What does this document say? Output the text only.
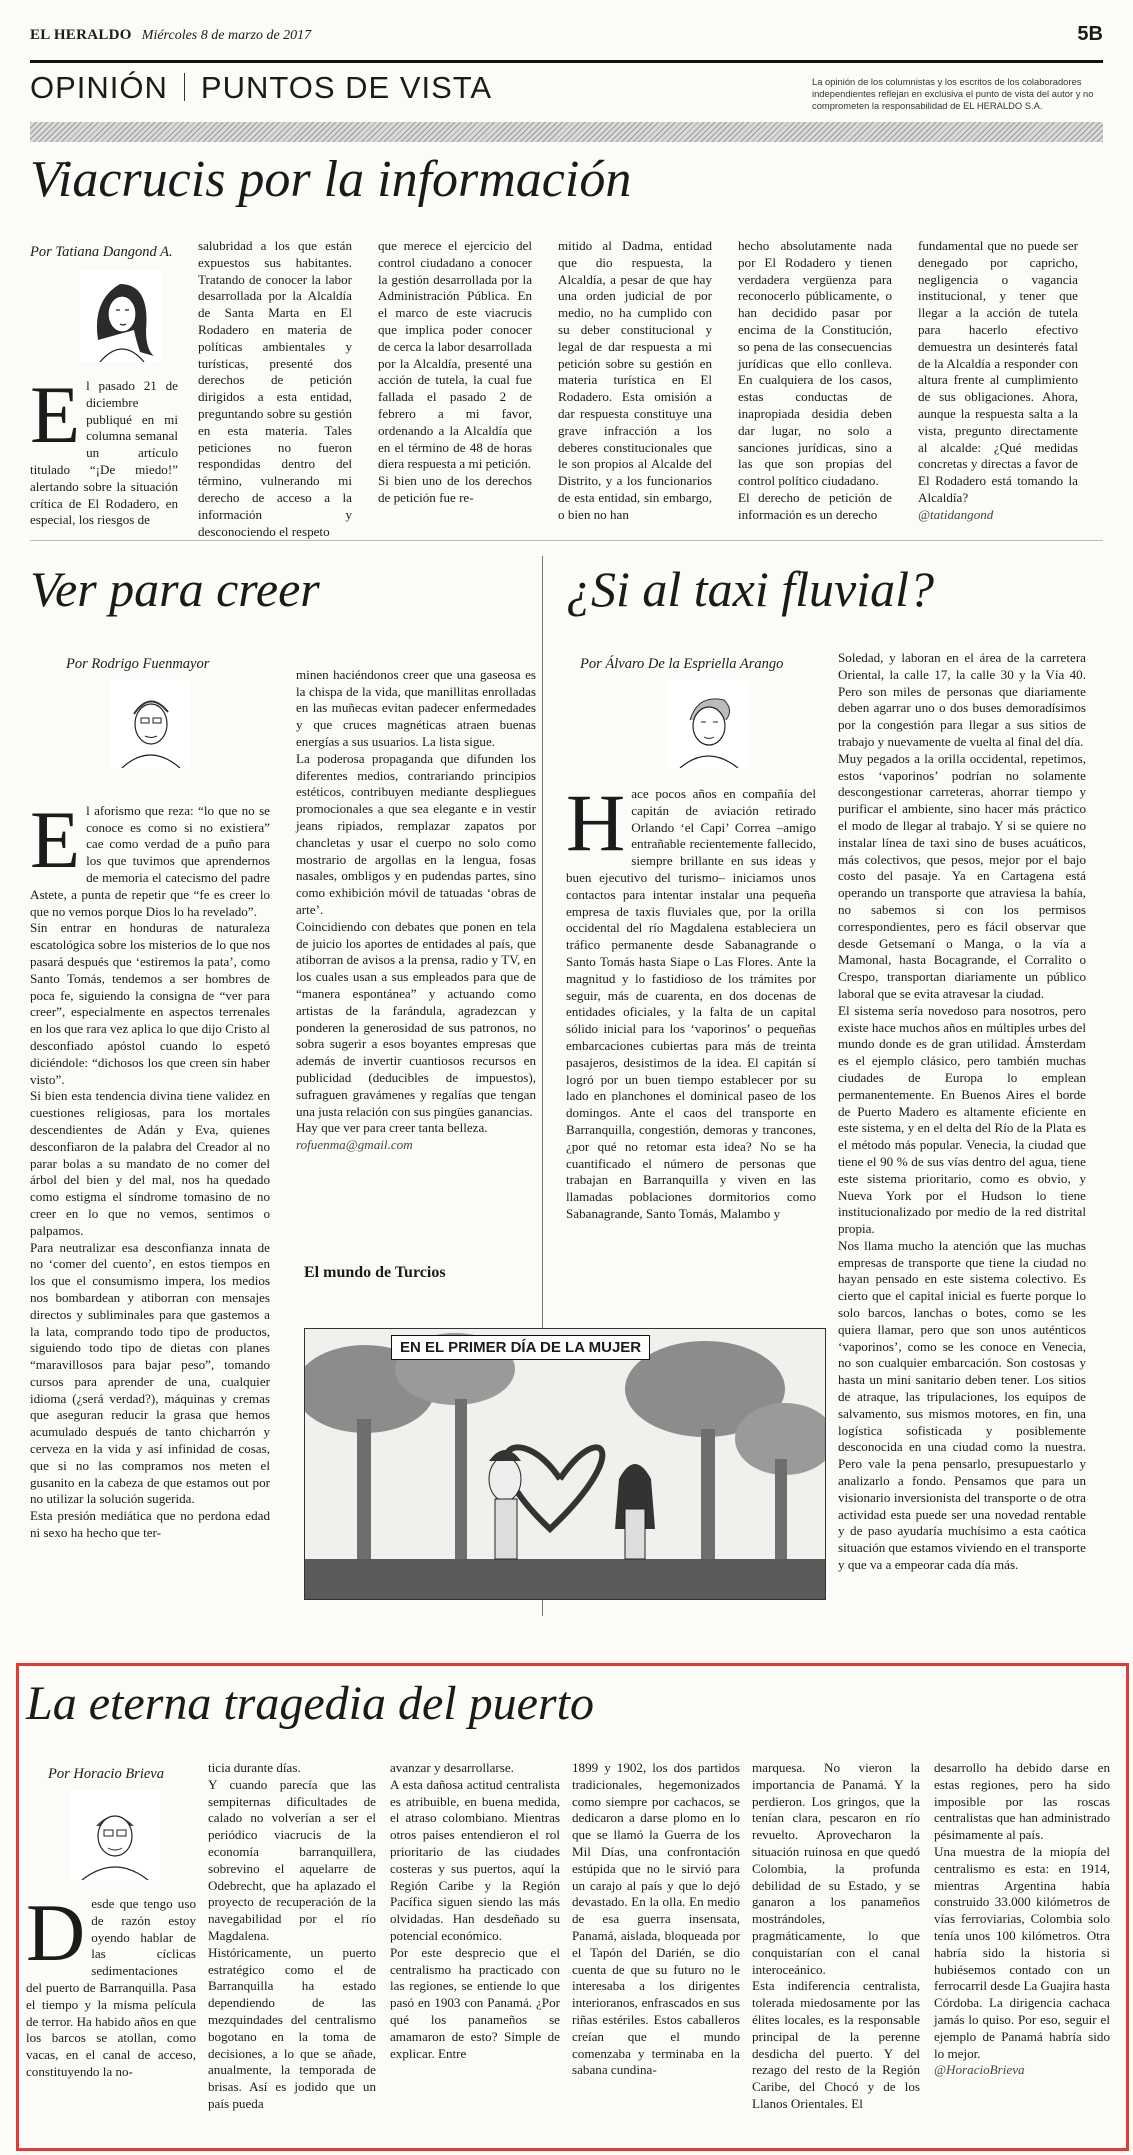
EL HERALDO Miércoles 8 de marzo de 2017	5B
OPINIÓN PUNTOS DE VISTA	La opinión de los columnistas y los escritos de los colaboradores independientes reflejan en exclusiva el punto de vista del autor y no comprometen la responsabilidad de EL HERALDO S.A.
Viacrucis por la información
Por Tatiana Dangond A.
El pasado 21 de diciembre publiqué en mi columna semanal un artículo titulado “¡De miedo!” alertando sobre la situación crítica de El Rodadero, en especial, los riesgos de
salubridad a los que están expuestos sus habitantes. Tratando de conocer la labor desarrollada por la Alcaldía de Santa Marta en El Rodadero en materia de políticas ambientales y turísticas, presenté dos derechos de petición dirigidos a esta entidad, preguntando sobre su gestión en esta materia. Tales peticiones no fueron respondidas dentro del término, vulnerando mi derecho de acceso a la información y desconociendo el respeto
que merece el ejercicio del control ciudadano a conocer la gestión desarrollada por la Administración Pública. En el marco de este viacrucis que implica poder conocer de cerca la labor desarrollada por la Alcaldía, presenté una acción de tutela, la cual fue fallada el pasado 2 de febrero a mi favor, ordenando a la Alcaldía que en el término de 48 de horas diera respuesta a mi petición.
Si bien uno de los derechos de petición fue re-
mitido al Dadma, entidad que dio respuesta, la Alcaldía, a pesar de que hay una orden judicial de por medio, no ha cumplido con su deber constitucional y legal de dar respuesta a mi petición sobre su gestión en materia turística en El Rodadero. Esta omisión a dar respuesta constituye una grave infracción a los deberes constitucionales que le son propios al Alcalde del Distrito, y a los funcionarios de esta entidad, sin embargo, o bien no han
hecho absolutamente nada por El Rodadero y tienen verdadera vergüenza para reconocerlo públicamente, o han decidido pasar por encima de la Constitución, so pena de las consecuencias jurídicas que ello conlleva. En cualquiera de los casos, estas conductas de inapropiada desidia deben dar lugar, no solo a sanciones jurídicas, sino a las que son propias del control político ciudadano.
El derecho de petición de información es un derecho
fundamental que no puede ser denegado por capricho, negligencia o vagancia institucional, y tener que llegar a la acción de tutela para hacerlo efectivo demuestra un desinterés fatal de la Alcaldía a responder con altura frente al cumplimiento de sus obligaciones. Ahora, aunque la respuesta salta a la vista, pregunto directamente al alcalde: ¿Qué medidas concretas y directas a favor de El Rodadero está tomando la Alcaldía?
@tatidangond
Ver para creer
Por Rodrigo Fuenmayor

El aforismo que reza: “lo que no se conoce es como si no existiera” cae como verdad de a puño para los que tuvimos que aprendernos de memoria el catecismo del padre Astete, a punta de repetir que “fe es creer lo que no vemos porque Dios lo ha revelado”.
Sin entrar en honduras de naturaleza escatológica sobre los misterios de lo que nos pasará después que ‘estiremos la pata’, como Santo Tomás, tendemos a ser hombres de poca fe, siguiendo la consigna de “ver para creer”, especialmente en aspectos terrenales en los que rara vez aplica lo que dijo Cristo al desconfiado apóstol cuando lo espetó diciéndole: “dichosos los que creen sin haber visto”.
Si bien esta tendencia divina tiene validez en cuestiones religiosas, para los mortales descendientes de Adán y Eva, quienes desconfiaron de la palabra del Creador al no parar bolas a su mandato de no comer del árbol del bien y del mal, nos ha quedado como estigma el síndrome tomasino de no creer en lo que no vemos, sentimos o palpamos.
Para neutralizar esa desconfianza innata de no ‘comer del cuento’, en estos tiempos en los que el consumismo impera, los medios nos bombardean y atiborran con mensajes directos y subliminales para que gastemos a la lata, comprando todo tipo de productos, siguiendo todo tipo de dietas con planes “maravillosos para bajar peso”, tomando cursos para aprender de una, cualquier idioma (¿será verdad?), máquinas y cremas que aseguran reducir la grasa que hemos acumulado después de tanto chicharrón y cerveza en la vida y así infinidad de cosas, que si no las compramos nos meten el gusanito en la cabeza de que estamos out por no utilizar la solución sugerida.
Esta presión mediática que no perdona edad ni sexo ha hecho que ter-

minen haciéndonos creer que una gaseosa es la chispa de la vida, que manillitas enrolladas en las muñecas evitan padecer enfermedades y que cruces magnéticas atraen buenas energías a sus usuarios. La lista sigue.
La poderosa propaganda que difunden los diferentes medios, contrariando principios estéticos, contribuyen mediante despliegues promocionales a que sea elegante e in vestir jeans ripiados, remplazar zapatos por chancletas y usar el cuerpo no solo como mostrario de argollas en la lengua, fosas nasales, ombligos y en pudendas partes, sino como exhibición móvil de tatuadas ‘obras de arte’.
Coincidiendo con debates que ponen en tela de juicio los aportes de entidades al país, que atiborran de avisos a la prensa, radio y TV, en los cuales usan a sus empleados para que de “manera espontánea” y actuando como artistas de la farándula, agradezcan y ponderen la generosidad de sus patronos, no sobra sugerir a esos boyantes empresas que además de invertir cuantiosos recursos en publicidad (deducibles de impuestos), sufraguen gravámenes y regalías que tengan una justa relación con sus pingües ganancias.
Hay que ver para creer tanta belleza.
rofuenma@gmail.com

¿Si al taxi fluvial?
Por Álvaro De la Espriella Arango
Hace pocos años en compañía del capitán de aviación retirado Orlando ‘el Capi’ Correa –amigo entrañable recientemente fallecido, siempre brillante en sus ideas y buen ejecutivo del turismo– iniciamos unos contactos para intentar instalar una pequeña empresa de taxis fluviales que, por la orilla occidental del río Magdalena estableciera un tráfico permanente desde Sabanagrande o Santo Tomás hasta Siape o Las Flores. Ante la magnitud y lo fastidioso de los trámites por seguir, más de cuarenta, en dos docenas de entidades oficiales, y la falta de un capital sólido inicial para los ‘vaporinos’ o pequeñas embarcaciones cubiertas para más de treinta pasajeros, desistimos de la idea. El capitán sí logró por un buen tiempo establecer por su lado en planchones el dominical paseo de los domingos. Ante el caos del transporte en Barranquilla, congestión, demoras y trancones, ¿por qué no retomar esta idea? No se ha cuantificado el número de personas que trabajan en Barranquilla y viven en las llamadas poblaciones dormitorios como Sabanagrande, Santo Tomás, Malambo y
Soledad, y laboran en el área de la carretera Oriental, la calle 17, la calle 30 y la Vía 40. Pero son miles de personas que diariamente deben agarrar uno o dos buses demoradísimos por la congestión para llegar a sus sitios de trabajo y nuevamente de vuelta al final del día.
Muy pegados a la orilla occidental, repetimos, estos ‘vaporinos’ podrían no solamente descongestionar carreteras, ahorrar tiempo y purificar el ambiente, sino hacer más práctico el modo de llegar al trabajo. Y si se quiere no instalar línea de taxi sino de buses acuáticos, más colectivos, que pesos, mejor por el bajo costo del pasaje. Ya en Cartagena está operando un transporte que atraviesa la bahía, no sabemos si con los permisos correspondientes, pero es fácil observar que desde Getsemaní o Manga, o la vía a Mamonal, hasta Bocagrande, el Corralito o Crespo, transportan diariamente un público laboral que se evita atravesar la ciudad.
El sistema sería novedoso para nosotros, pero existe hace muchos años en múltiples urbes del mundo donde es de gran utilidad. Ámsterdam es el ejemplo clásico, pero también muchas ciudades de Europa lo emplean permanentemente. En Buenos Aires el borde de Puerto Madero es altamente eficiente en este sistema, y en el delta del Río de la Plata es el método más popular. Venecia, la ciudad que tiene el 90 % de sus vías dentro del agua, tiene este sistema prioritario, como es obvio, y Nueva York por el Hudson lo tiene institucionalizado por medio de la red distrital propia.
Nos llama mucho la atención que las muchas empresas de transporte que tiene la ciudad no hayan pensado en este sistema colectivo. Es cierto que el capital inicial es fuerte porque lo solo barcos, lanchas o botes, como se les quiera llamar, pero que son unos auténticos ‘vaporinos’, como se les conoce en Venecia, no son cualquier embarcación. Son costosas y hasta un mini sanitario deben tener. Los sitios de atraque, las tripulaciones, los equipos de salvamento, sus mismos motores, en fin, una logística sofisticada y posiblemente desconocida en una ciudad como la nuestra. Pero vale la pena pensarlo, presupuestarlo y analizarlo a fondo. Pensamos que para un visionario inversionista del transporte o de otra actividad esta puede ser una novedad rentable y de paso ayudaría muchísimo a esta caótica situación que estamos viviendo en el transporte y que va a empeorar cada día más.
El mundo de Turcios
EN EL PRIMER DÍA DE LA MUJER
La eterna tragedia del puerto
Por Horacio Brieva
Desde que tengo uso de razón estoy oyendo hablar de las cíclicas sedimentaciones del puerto de Barranquilla. Pasa el tiempo y la misma película de terror. Ha habido años en que los barcos se atollan, como vacas, en el canal de acceso, constituyendo la no-
ticia durante días.
Y cuando parecía que las sempiternas dificultades de calado no volverían a ser el periódico viacrucis de la economía barranquillera, sobrevino el aquelarre de Odebrecht, que ha aplazado el proyecto de recuperación de la navegabilidad por el río Magdalena.
Históricamente, un puerto estratégico como el de Barranquilla ha estado dependiendo de las mezquindades del centralismo bogotano en la toma de decisiones, a lo que se añade, anualmente, la temporada de brisas. Así es jodido que un país pueda
avanzar y desarrollarse.
A esta dañosa actitud centralista es atribuible, en buena medida, el atraso colombiano. Mientras otros países entendieron el rol prioritario de las ciudades costeras y sus puertos, aquí la Región Caribe y la Región Pacífica siguen siendo las más olvidadas. Han desdeñado su potencial económico.
Por este desprecio que el centralismo ha practicado con las regiones, se entiende lo que pasó en 1903 con Panamá. ¿Por qué los panameños se amamaron de esto? Simple de explicar. Entre
1899 y 1902, los dos partidos tradicionales, hegemonizados como siempre por cachacos, se dedicaron a darse plomo en lo que se llamó la Guerra de los Mil Días, una confrontación estúpida que no le sirvió para un carajo al país y que lo dejó devastado. En la olla. En medio de esa guerra insensata, Panamá, aislada, bloqueada por el Tapón del Darién, se dio cuenta de que su futuro no le interesaba a los dirigentes interioranos, enfrascados en sus riñas estériles. Estos caballeros creían que el mundo comenzaba y terminaba en la sabana cundina-
marquesa. No vieron la importancia de Panamá. Y la perdieron. Los gringos, que la tenían clara, pescaron en río revuelto. Aprovecharon la situación ruinosa en que quedó Colombia, la profunda debilidad de su Estado, y se ganaron a los panameños mostrándoles, pragmáticamente, lo que conquistarían con el canal interoceánico.
Esta indiferencia centralista, tolerada miedosamente por las élites locales, es la responsable principal de la perenne desdicha del puerto. Y del rezago del resto de la Región Caribe, del Chocó y de los Llanos Orientales. El
desarrollo ha debido darse en estas regiones, pero ha sido imposible por las roscas centralistas que han administrado pésimamente al país.
Una muestra de la miopía del centralismo es esta: en 1914, mientras Argentina había construido 33.000 kilómetros de vías ferroviarias, Colombia solo tenía unos 100 kilómetros. Otra habría sido la historia si hubiésemos contado con un ferrocarril desde La Guajira hasta Córdoba. La dirigencia cachaca jamás lo quiso. Por eso, seguir el ejemplo de Panamá habría sido lo mejor.
@HoracioBrieva
